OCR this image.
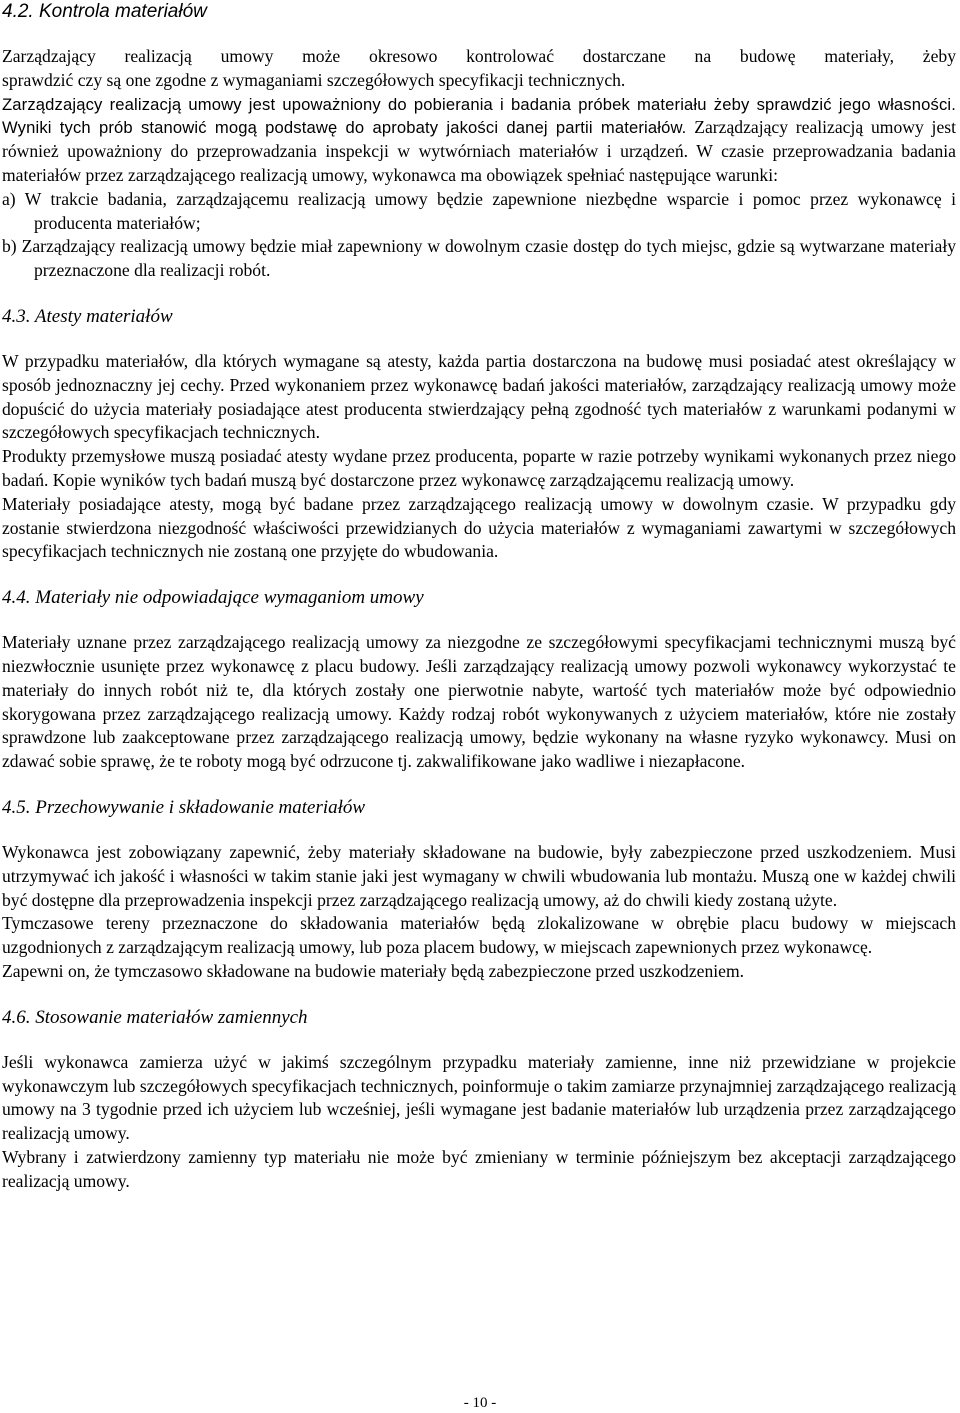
4.2. Kontrola materiałów

Zarządzający realizacją umowy może okresowo kontrolować dostarczane na budowę materiały, żeby

sprawdzić czy są one zgodne z wymaganiami szczegółowych specyfikacji technicznych.

Zarządzający realizacją umowy jest upoważniony do pobierania i badania próbek materiału żeby sprawdzić jego własności. Wyniki tych prób stanowić mogą podstawę do aprobaty jakości danej partii materiałów. Zarządzający realizacją umowy jest również upoważniony do przeprowadzania inspekcji w wytwórniach materiałów i urządzeń. W czasie przeprowadzania badania materiałów przez zarządzającego realizacją umowy, wykonawca ma obowiązek spełniać następujące warunki:

a) W trakcie badania, zarządzającemu realizacją umowy będzie zapewnione niezbędne wsparcie i pomoc przez wykonawcę i producenta materiałów;

b) Zarządzający realizacją umowy będzie miał zapewniony w dowolnym czasie dostęp do tych miejsc, gdzie są wytwarzane materiały przeznaczone dla realizacji robót.

4.3. Atesty materiałów

W przypadku materiałów, dla których wymagane są atesty, każda partia dostarczona na budowę musi posiadać atest określający w sposób jednoznaczny jej cechy. Przed wykonaniem przez wykonawcę badań jakości materiałów, zarządzający realizacją umowy może dopuścić do użycia materiały posiadające atest producenta stwierdzający pełną zgodność tych materiałów z warunkami podanymi w szczegółowych specyfikacjach technicznych.

Produkty przemysłowe muszą posiadać atesty wydane przez producenta, poparte w razie potrzeby wynikami wykonanych przez niego badań. Kopie wyników tych badań muszą być dostarczone przez wykonawcę zarządzającemu realizacją umowy.

Materiały posiadające atesty, mogą być badane przez zarządzającego realizacją umowy w dowolnym czasie. W przypadku gdy zostanie stwierdzona niezgodność właściwości przewidzianych do użycia materiałów z wymaganiami zawartymi w szczegółowych specyfikacjach technicznych nie zostaną one przyjęte do wbudowania.

4.4. Materiały nie odpowiadające wymaganiom umowy

Materiały uznane przez zarządzającego realizacją umowy za niezgodne ze szczegółowymi specyfikacjami technicznymi muszą być niezwłocznie usunięte przez wykonawcę z placu budowy. Jeśli zarządzający realizacją umowy pozwoli wykonawcy wykorzystać te materiały do innych robót niż te, dla których zostały one pierwotnie nabyte, wartość tych materiałów może być odpowiednio skorygowana przez zarządzającego realizacją umowy. Każdy rodzaj robót wykonywanych z użyciem materiałów, które nie zostały sprawdzone lub zaakceptowane przez zarządzającego realizacją umowy, będzie wykonany na własne ryzyko wykonawcy. Musi on zdawać sobie sprawę, że te roboty mogą być odrzucone tj. zakwalifikowane jako wadliwe i niezapłacone.

4.5. Przechowywanie i składowanie materiałów

Wykonawca jest zobowiązany zapewnić, żeby materiały składowane na budowie, były zabezpieczone przed uszkodzeniem. Musi utrzymywać ich jakość i własności w takim stanie jaki jest wymagany w chwili wbudowania lub montażu. Muszą one w każdej chwili być dostępne dla przeprowadzenia inspekcji przez zarządzającego realizacją umowy, aż do chwili kiedy zostaną użyte.

Tymczasowe tereny przeznaczone do składowania materiałów będą zlokalizowane w obrębie placu budowy w miejscach uzgodnionych z zarządzającym realizacją umowy, lub poza placem budowy, w miejscach zapewnionych przez wykonawcę.

Zapewni on, że tymczasowo składowane na budowie materiały będą zabezpieczone przed uszkodzeniem.

4.6. Stosowanie materiałów zamiennych

Jeśli wykonawca zamierza użyć w jakimś szczególnym przypadku materiały zamienne, inne niż przewidziane w projekcie wykonawczym lub szczegółowych specyfikacjach technicznych, poinformuje o takim zamiarze przynajmniej zarządzającego realizacją umowy na 3 tygodnie przed ich użyciem lub wcześniej, jeśli wymagane jest badanie materiałów lub urządzenia przez zarządzającego realizacją umowy.

Wybrany i zatwierdzony zamienny typ materiału nie może być zmieniany w terminie późniejszym bez akceptacji zarządzającego realizacją umowy.

- 10 -
